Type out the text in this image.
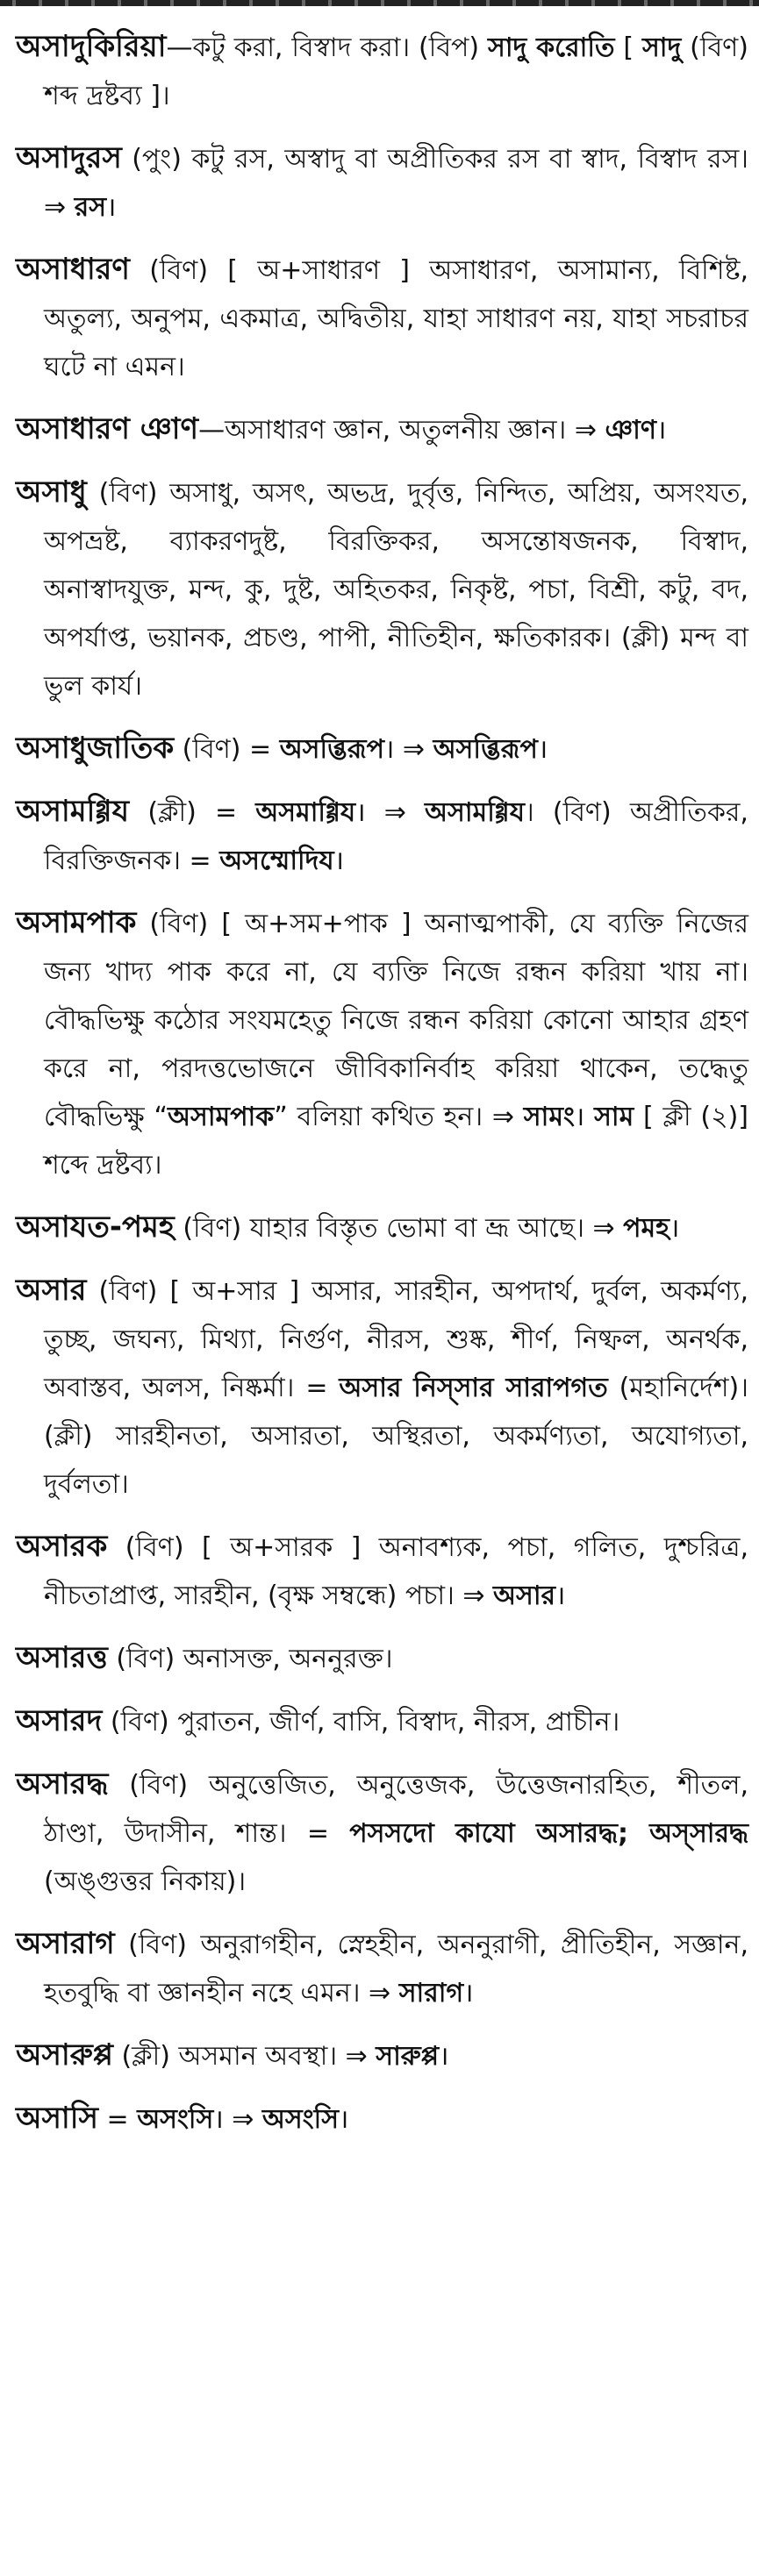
অসাদুকিরিয়া—কটু করা, বিস্বাদ করা। (বিপ) সাদু করোতি [ সাদু (বিণ) শব্দ দ্রষ্টব্য ]।

অসাদুরস (পুং) কটু রস, অস্বাদু বা অপ্রীতিকর রস বা স্বাদ, বিস্বাদ রস। ⇒ রস।

অসাধারণ (বিণ) [ অ+সাধারণ ] অসাধারণ, অসামান্য, বিশিষ্ট, অতুল্য, অনুপম, একমাত্র, অদ্বিতীয়, যাহা সাধারণ নয়, যাহা সচরাচর ঘটে না এমন।

অসাধারণ ঞাণ—অসাধারণ জ্ঞান, অতুলনীয় জ্ঞান। ⇒ ঞাণ।

অসাধু (বিণ) অসাধু, অসৎ, অভদ্র, দুর্বৃত্ত, নিন্দিত, অপ্রিয়, অসংযত, অপভ্রষ্ট, ব্যাকরণদুষ্ট, বিরক্তিকর, অসন্তোষজনক, বিস্বাদ, অনাস্বাদযুক্ত, মন্দ, কু, দুষ্ট, অহিতকর, নিকৃষ্ট, পচা, বিশ্রী, কটু, বদ, অপর্যাপ্ত, ভয়ানক, প্রচণ্ড, পাপী, নীতিহীন, ক্ষতিকারক। (ক্লী) মন্দ বা ভুল কার্য।

অসাধুজাতিক (বিণ) = অসব্ভিরূপ। ⇒ অসব্ভিরূপ।

অসামগ্গিয (ক্লী) = অসমাগ্গিয। ⇒ অসামগ্গিয। (বিণ) অপ্রীতিকর, বিরক্তিজনক। = অসম্মোদিয।

অসামপাক (বিণ) [ অ+সম+পাক ] অনাত্মপাকী, যে ব্যক্তি নিজের জন্য খাদ্য পাক করে না, যে ব্যক্তি নিজে রন্ধন করিয়া খায় না। বৌদ্ধভিক্ষু কঠোর সংযমহেতু নিজে রন্ধন করিয়া কোনো আহার গ্রহণ করে না, পরদত্তভোজনে জীবিকানির্বাহ করিয়া থাকেন, তদ্ধেতু বৌদ্ধভিক্ষু “অসামপাক” বলিয়া কথিত হন। ⇒ সামং। সাম [ ক্লী (২)] শব্দে দ্রষ্টব্য।

অসাযত-পমহ (বিণ) যাহার বিস্তৃত ভোমা বা ভ্রূ আছে। ⇒ পমহ।

অসার (বিণ) [ অ+সার ] অসার, সারহীন, অপদার্থ, দুর্বল, অকর্মণ্য, তুচ্ছ, জঘন্য, মিথ্যা, নির্গুণ, নীরস, শুষ্ক, শীর্ণ, নিষ্ফল, অনর্থক, অবাস্তব, অলস, নিষ্কর্মা। = অসার নিস্সার সারাপগত (মহানির্দেশ)। (ক্লী) সারহীনতা, অসারতা, অস্থিরতা, অকর্মণ্যতা, অযোগ্যতা, দুর্বলতা।

অসারক (বিণ) [ অ+সারক ] অনাবশ্যক, পচা, গলিত, দুশ্চরিত্র, নীচতাপ্রাপ্ত, সারহীন, (বৃক্ষ সম্বন্ধে) পচা। ⇒ অসার।

অসারত্ত (বিণ) অনাসক্ত, অননুরক্ত।

অসারদ (বিণ) পুরাতন, জীর্ণ, বাসি, বিস্বাদ, নীরস, প্রাচীন।

অসারদ্ধ (বিণ) অনুত্তেজিত, অনুত্তেজক, উত্তেজনারহিত, শীতল, ঠাণ্ডা, উদাসীন, শান্ত। = পসসদো কাযো অসারদ্ধ; অস্সারদ্ধ (অঙ্গুত্তর নিকায়)।

অসারাগ (বিণ) অনুরাগহীন, স্নেহহীন, অননুরাগী, প্রীতিহীন, সজ্ঞান, হতবুদ্ধি বা জ্ঞানহীন নহে এমন। ⇒ সারাগ।

অসারুপ্প (ক্লী) অসমান অবস্থা। ⇒ সারুপ্প।

অসাসি = অসংসি। ⇒ অসংসি।
